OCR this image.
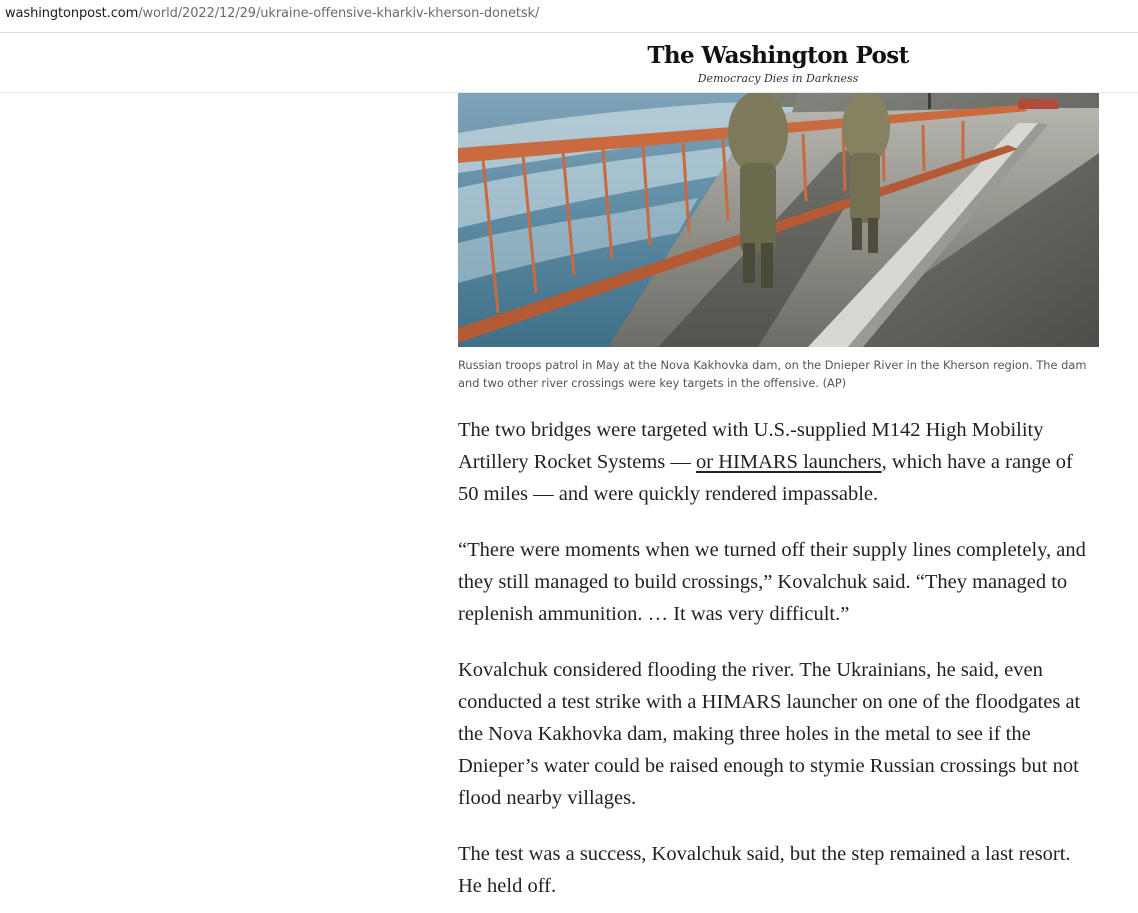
washingtonpost.com/world/2022/12/29/ukraine-offensive-kharkiv-kherson-donetsk/
The Washington Post
Democracy Dies in Darkness
Russian troops patrol in May at the Nova Kakhovka dam, on the Dnieper River in the Kherson region. The dam and two other river crossings were key targets in the offensive. (AP)

The two bridges were targeted with U.S.-supplied M142 High Mobility Artillery Rocket Systems — or HIMARS launchers, which have a range of 50 miles — and were quickly rendered impassable.

“There were moments when we turned off their supply lines completely, and they still managed to build crossings,” Kovalchuk said. “They managed to replenish ammunition. … It was very difficult.”

Kovalchuk considered flooding the river. The Ukrainians, he said, even conducted a test strike with a HIMARS launcher on one of the floodgates at the Nova Kakhovka dam, making three holes in the metal to see if the Dnieper’s water could be raised enough to stymie Russian crossings but not flood nearby villages.

The test was a success, Kovalchuk said, but the step remained a last resort. He held off.
